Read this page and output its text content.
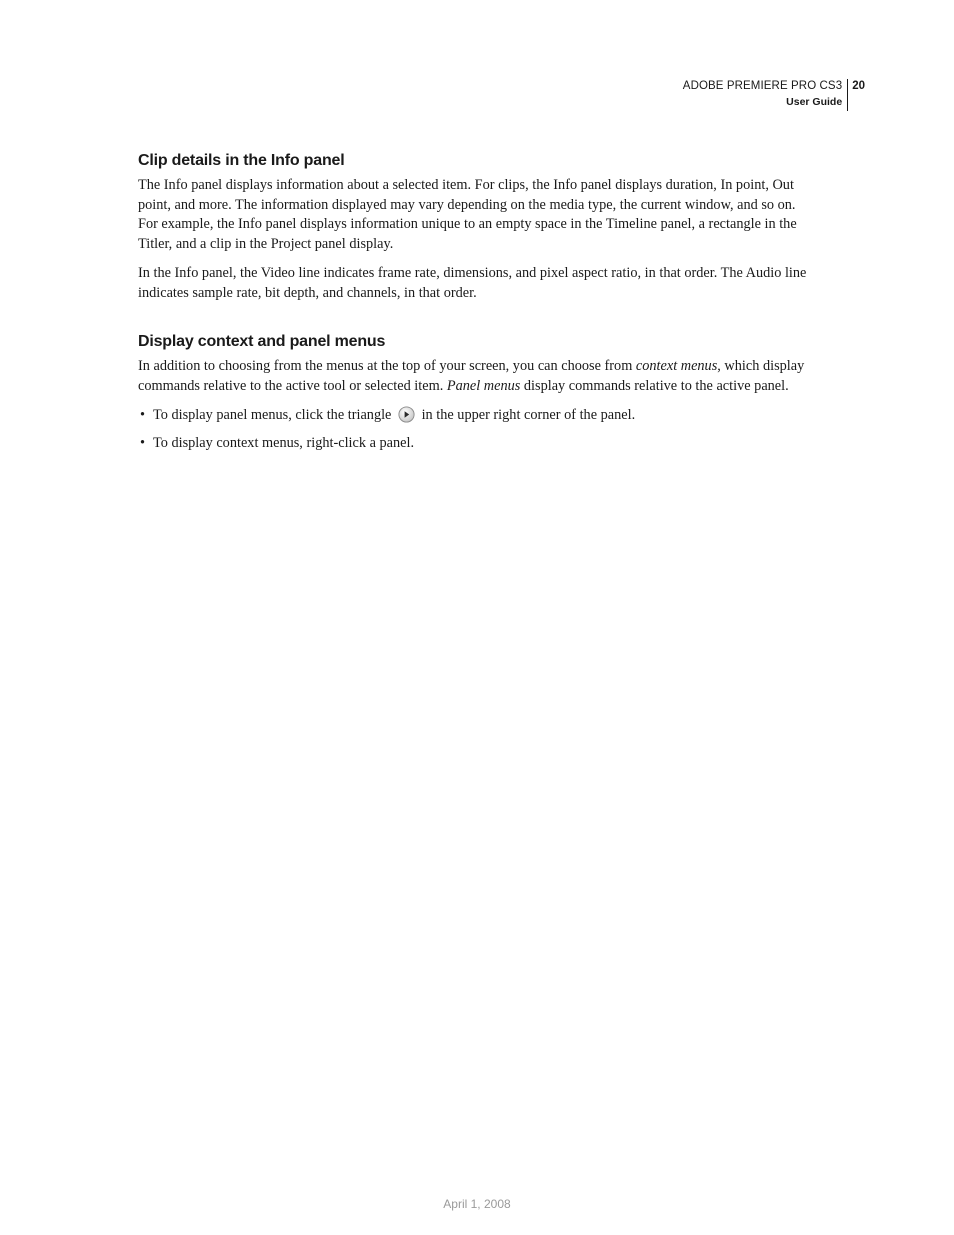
ADOBE PREMIERE PRO CS3
User Guide
20
Clip details in the Info panel

The Info panel displays information about a selected item. For clips, the Info panel displays duration, In point, Out point, and more. The information displayed may vary depending on the media type, the current window, and so on. For example, the Info panel displays information unique to an empty space in the Timeline panel, a rectangle in the Titler, and a clip in the Project panel display.

In the Info panel, the Video line indicates frame rate, dimensions, and pixel aspect ratio, in that order. The Audio line indicates sample rate, bit depth, and channels, in that order.

Display context and panel menus

In addition to choosing from the menus at the top of your screen, you can choose from context menus, which display commands relative to the active tool or selected item. Panel menus display commands relative to the active panel.

• To display panel menus, click the triangle in the upper right corner of the panel.
• To display context menus, right-click a panel.
April 1, 2008
